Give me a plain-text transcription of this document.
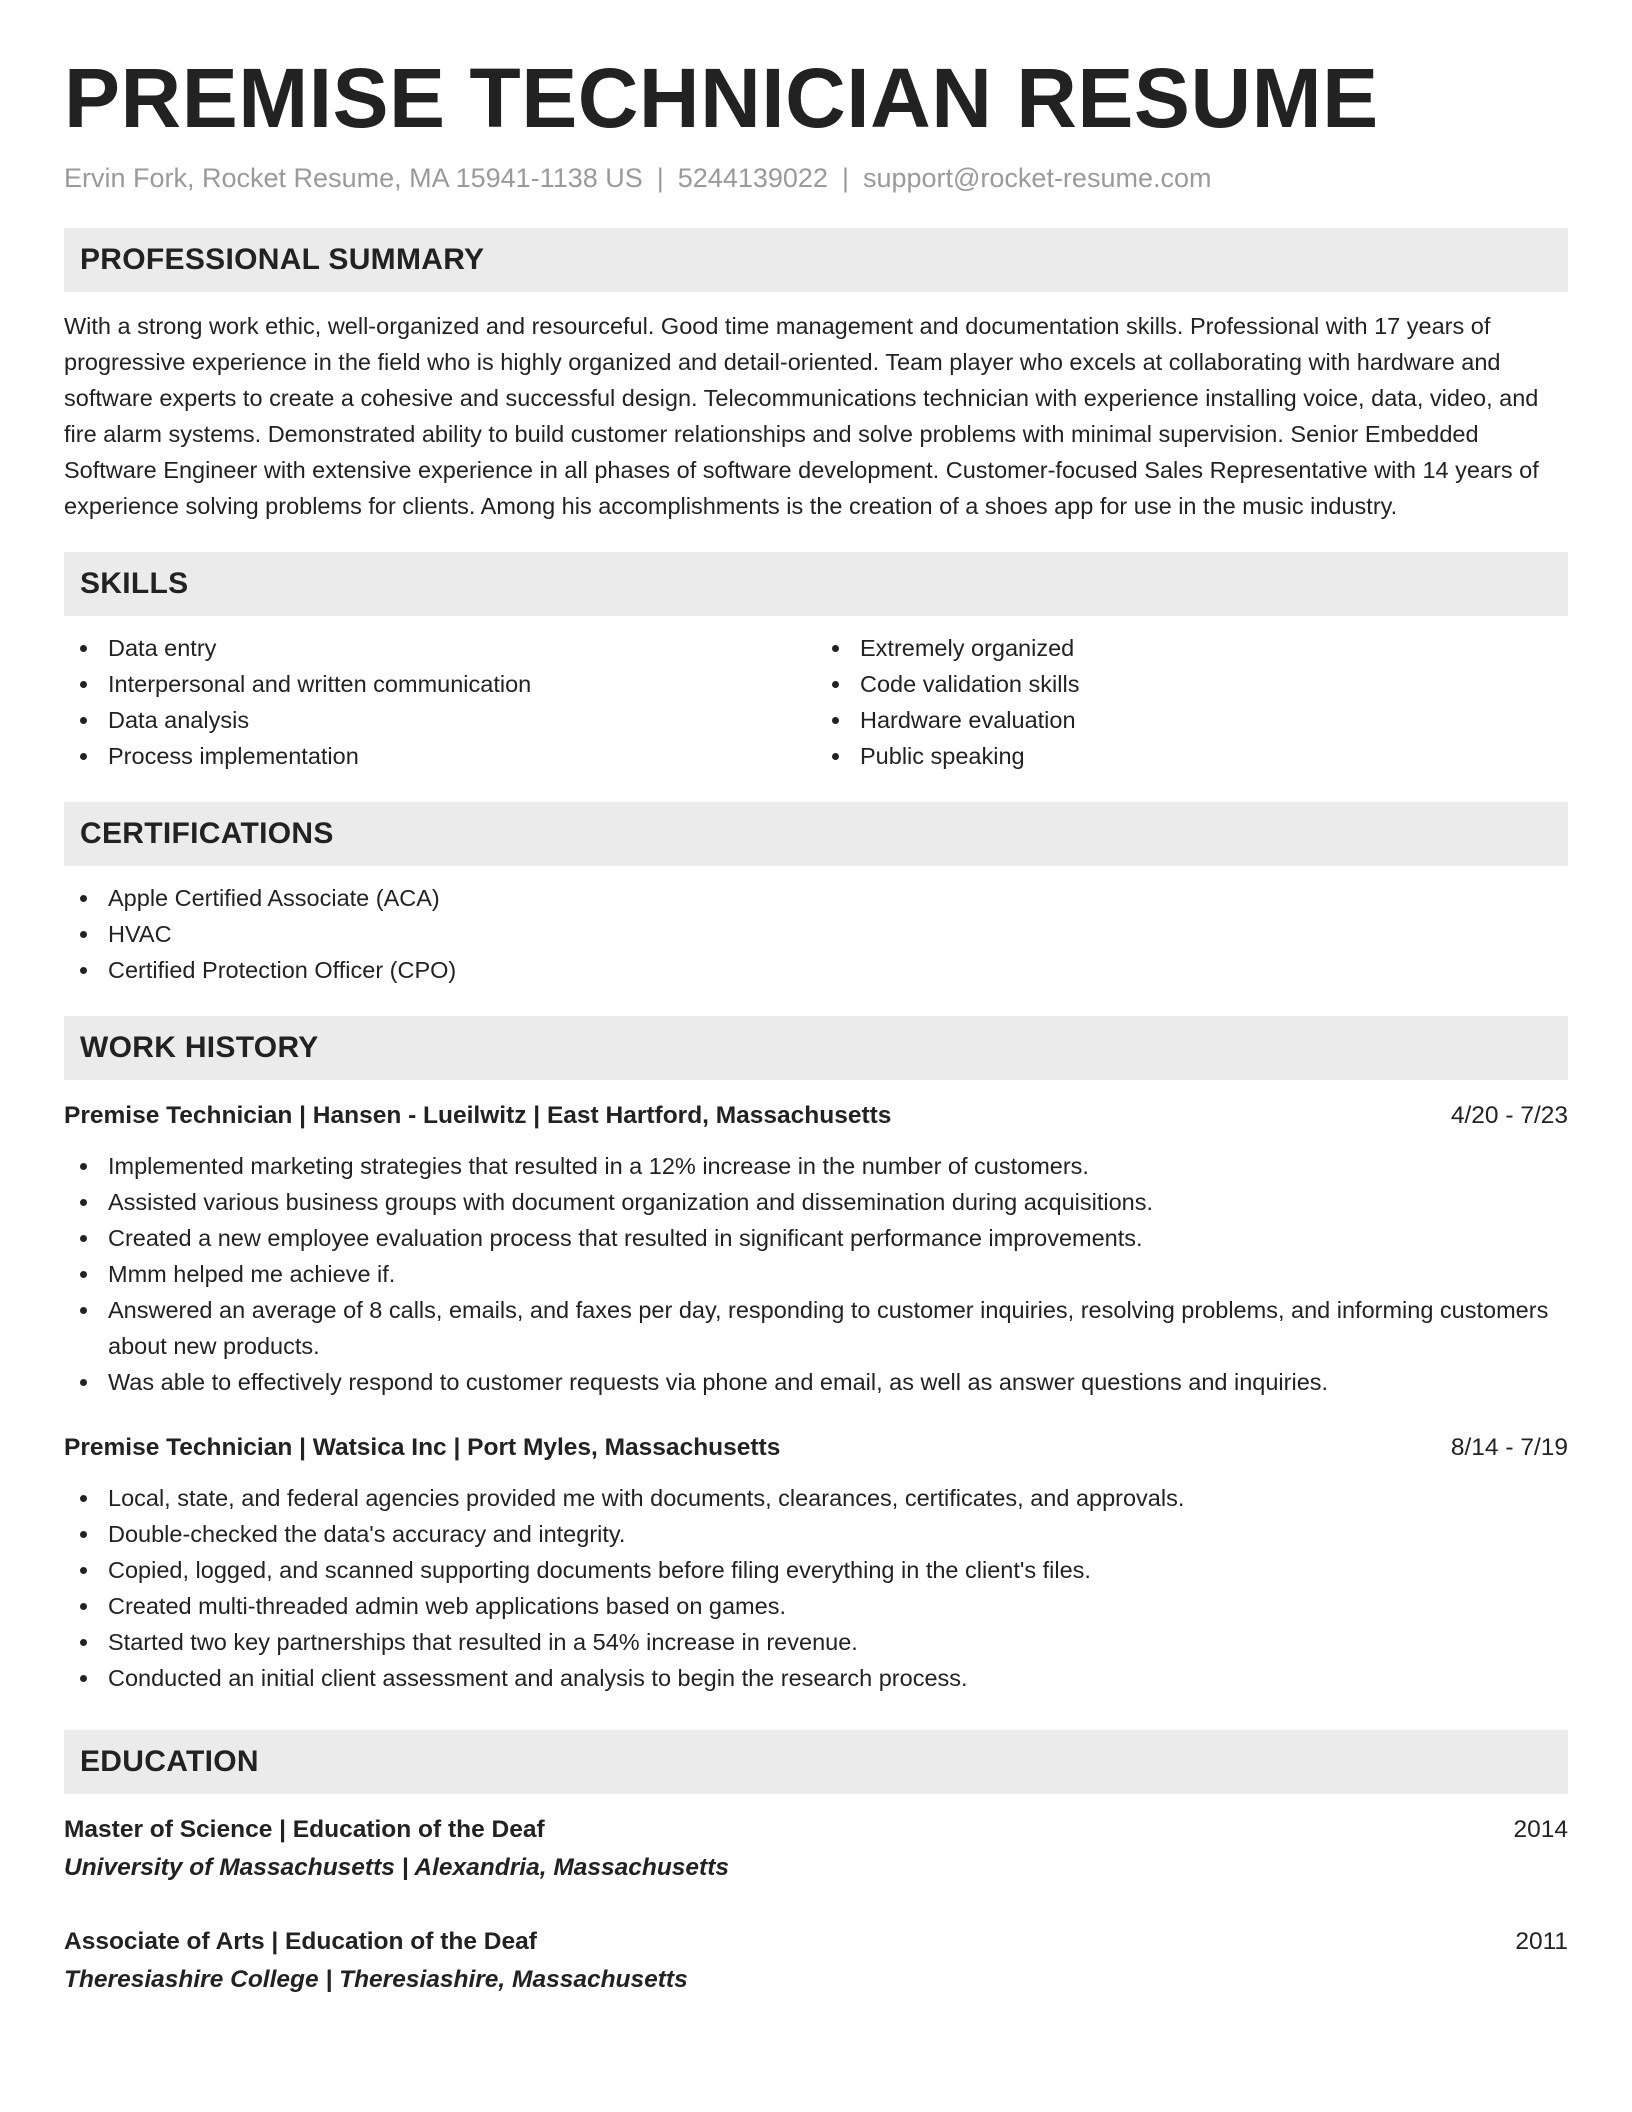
PREMISE TECHNICIAN RESUME
Ervin Fork, Rocket Resume, MA 15941-1138 US | 5244139022 | support@rocket-resume.com
PROFESSIONAL SUMMARY

With a strong work ethic, well-organized and resourceful. Good time management and documentation skills. Professional with 17 years of progressive experience in the field who is highly organized and detail-oriented. Team player who excels at collaborating with hardware and software experts to create a cohesive and successful design. Telecommunications technician with experience installing voice, data, video, and fire alarm systems. Demonstrated ability to build customer relationships and solve problems with minimal supervision. Senior Embedded Software Engineer with extensive experience in all phases of software development. Customer-focused Sales Representative with 14 years of experience solving problems for clients. Among his accomplishments is the creation of a shoes app for use in the music industry.

SKILLS
Data entry
Interpersonal and written communication
Data analysis
Process implementation
Extremely organized
Code validation skills
Hardware evaluation
Public speaking
CERTIFICATIONS
Apple Certified Associate (ACA)
HVAC
Certified Protection Officer (CPO)
WORK HISTORY
Premise Technician | Hansen - Lueilwitz | East Hartford, Massachusetts	4/20 - 7/23
Implemented marketing strategies that resulted in a 12% increase in the number of customers.
Assisted various business groups with document organization and dissemination during acquisitions.
Created a new employee evaluation process that resulted in significant performance improvements.
Mmm helped me achieve if.
Answered an average of 8 calls, emails, and faxes per day, responding to customer inquiries, resolving problems, and informing customers about new products.
Was able to effectively respond to customer requests via phone and email, as well as answer questions and inquiries.
Premise Technician | Watsica Inc | Port Myles, Massachusetts	8/14 - 7/19
Local, state, and federal agencies provided me with documents, clearances, certificates, and approvals.
Double-checked the data's accuracy and integrity.
Copied, logged, and scanned supporting documents before filing everything in the client's files.
Created multi-threaded admin web applications based on games.
Started two key partnerships that resulted in a 54% increase in revenue.
Conducted an initial client assessment and analysis to begin the research process.
EDUCATION
Master of Science | Education of the Deaf	2014
University of Massachusetts | Alexandria, Massachusetts
Associate of Arts | Education of the Deaf	2011
Theresiashire College | Theresiashire, Massachusetts
